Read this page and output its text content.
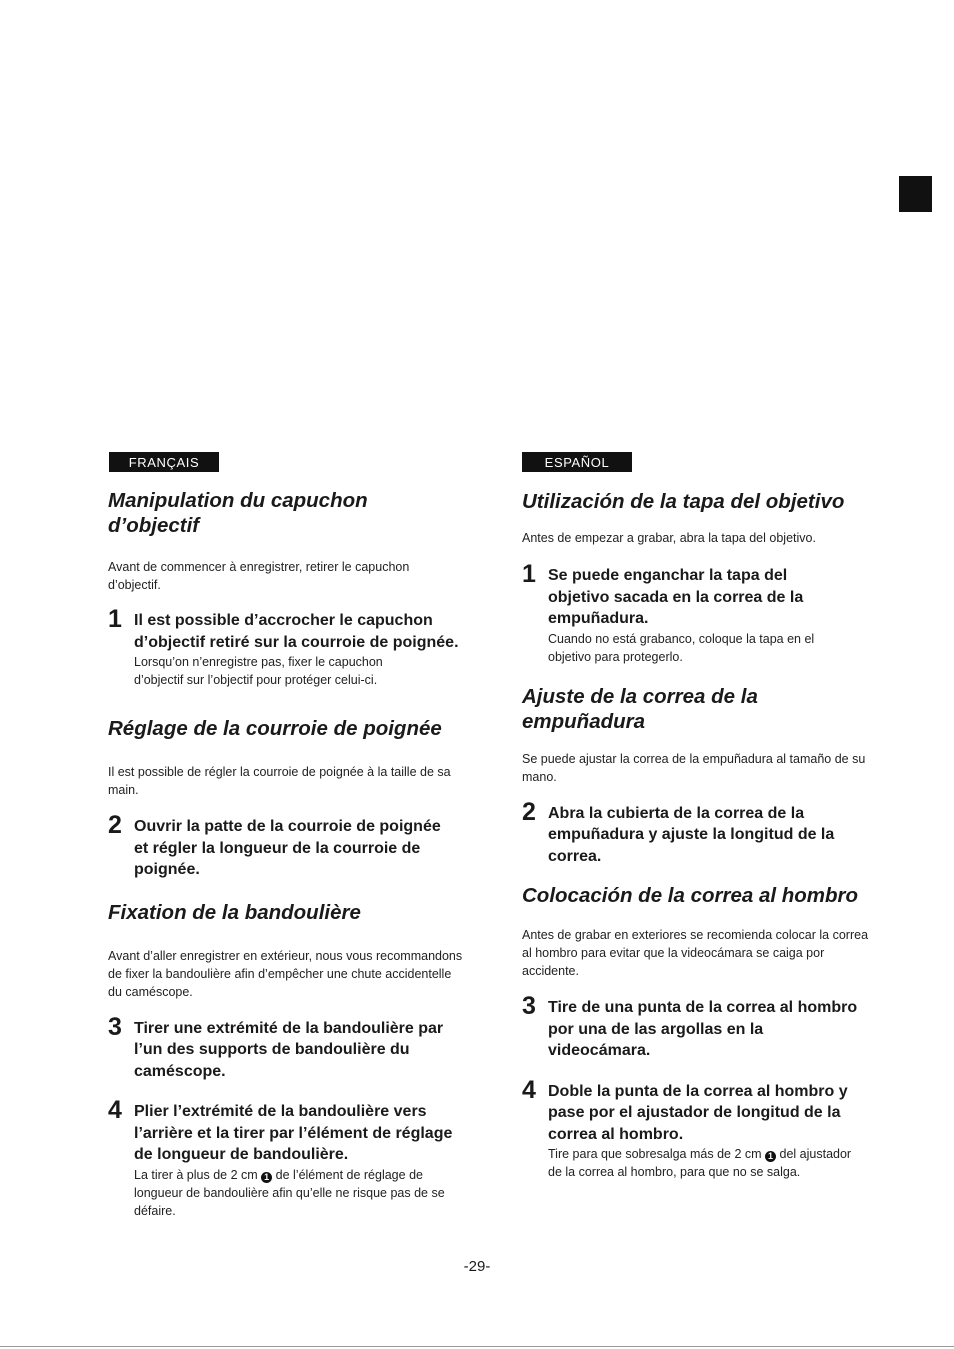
FRANÇAIS
Manipulation du capuchon d’objectif

Avant de commencer à enregistrer, retirer le capuchon d’objectif.

1 Il est possible d’accrocher le capuchon d’objectif retiré sur la courroie de poignée.

Lorsqu’on n’enregistre pas, fixer le capuchon d’objectif sur l’objectif pour protéger celui-ci.

Réglage de la courroie de poignée

Il est possible de régler la courroie de poignée à la taille de sa main.

2 Ouvrir la patte de la courroie de poignée et régler la longueur de la courroie de poignée.

Fixation de la bandoulière

Avant d’aller enregistrer en extérieur, nous vous recommandons de fixer la bandoulière afin d’empêcher une chute accidentelle du caméscope.

3 Tirer une extrémité de la bandoulière par l’un des supports de bandoulière du caméscope.

4 Plier l’extrémité de la bandoulière vers l’arrière et la tirer par l’élément de réglage de longueur de bandoulière.

La tirer à plus de 2 cm 1 de l’élément de réglage de longueur de bandoulière afin qu’elle ne risque pas de se défaire.

ESPAÑOL
Utilización de la tapa del objetivo

Antes de empezar a grabar, abra la tapa del objetivo.

1 Se puede enganchar la tapa del objetivo sacada en la correa de la empuñadura.

Cuando no está grabanco, coloque la tapa en el objetivo para protegerlo.

Ajuste de la correa de la empuñadura

Se puede ajustar la correa de la empuñadura al tamaño de su mano.

2 Abra la cubierta de la correa de la empuñadura y ajuste la longitud de la correa.

Colocación de la correa al hombro

Antes de grabar en exteriores se recomienda colocar la correa al hombro para evitar que la videocámara se caiga por accidente.

3 Tire de una punta de la correa al hombro por una de las argollas en la videocámara.

4 Doble la punta de la correa al hombro y pase por el ajustador de longitud de la correa al hombro.

Tire para que sobresalga más de 2 cm 1 del ajustador de la correa al hombro, para que no se salga.

-29-
